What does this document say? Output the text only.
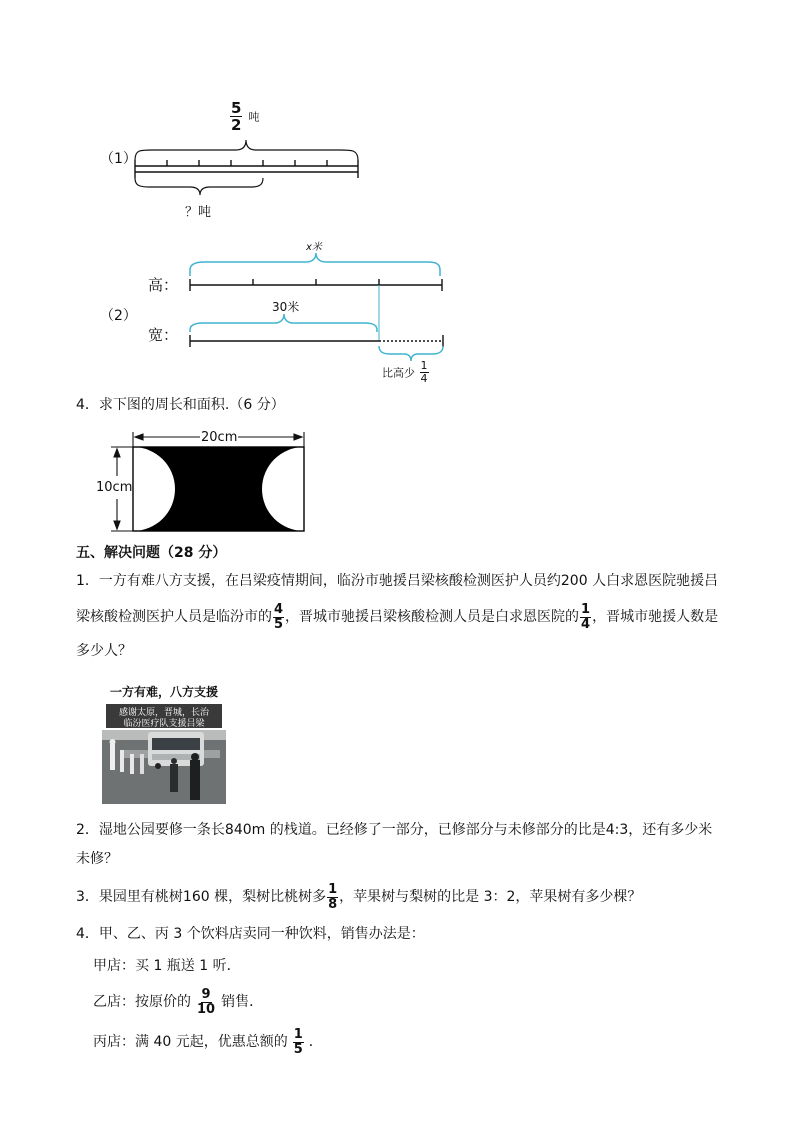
（1）
$\frac{5}{2}$ 吨
？吨
（2）
高：
宽：
x米
30米
比高少 $\frac{1}{4}$
4．求下图的周长和面积.（6 分）
20cm
10cm
五、解决问题（28 分）
1．一方有难八方支援，在吕梁疫情期间，临汾市驰援吕梁核酸检测医护人员约200 人白求恩医院驰援吕
梁核酸检测医护人员是临汾市的 $\frac{4}{5}$ ，晋城市驰援吕梁核酸检测人员是白求恩医院的 $\frac{1}{4}$ ，晋城市驰援人数是
多少人？
一方有难，八方支援
感谢太原，晋城，长治
临汾医疗队支援吕梁
2．湿地公园要修一条长840m 的栈道。已经修了一部分，已修部分与未修部分的比是4:3，还有多少米
未修？
3．果园里有桃树160 棵，梨树比桃树多 $\frac{1}{8}$ ，苹果树与梨树的比是 3：2，苹果树有多少棵？
4．甲、乙、丙 3 个饮料店卖同一种饮料，销售办法是：
甲店：买 1 瓶送 1 听．
乙店：按原价的 $\frac{9}{10}$ 销售．
丙店：满 40 元起，优惠总额的 $\frac{1}{5}$ ．
